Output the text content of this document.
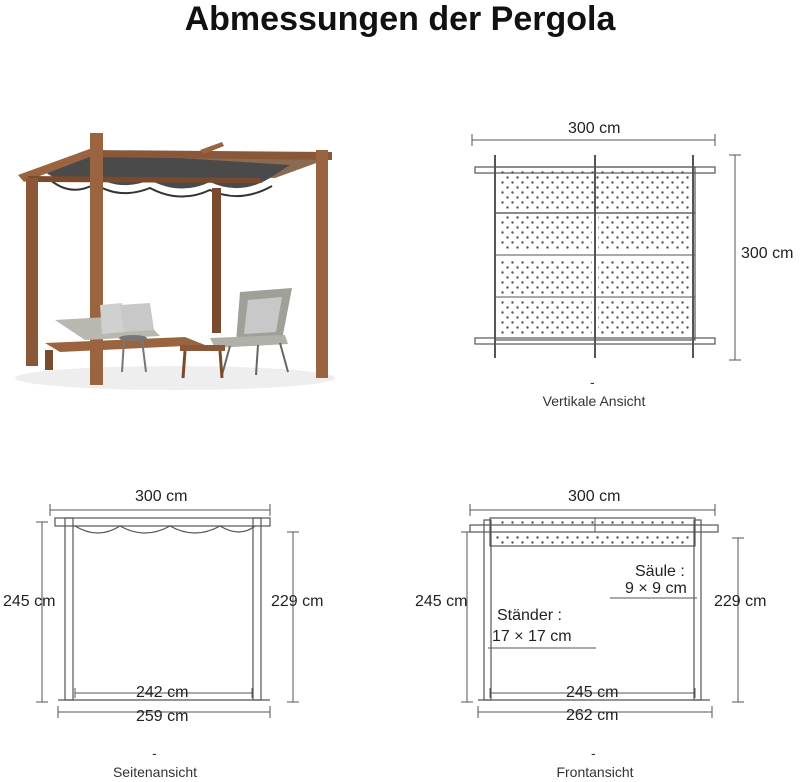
Abmessungen der Pergola
300 cm
300 cm
-
Vertikale Ansicht
300 cm
245 cm	229 cm
242 cm
259 cm
-
Seitenansicht
300 cm
245 cm	229 cm
Säule :
9 × 9 cm
Ständer :
17 × 17 cm
245 cm
262 cm
-
Frontansicht
